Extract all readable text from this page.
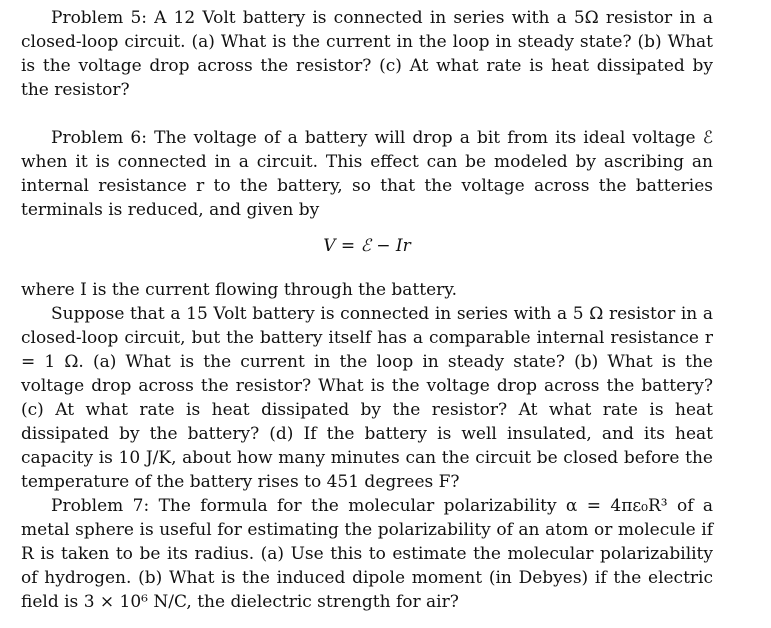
Problem 5: A 12 Volt battery is connected in series with a 5Ω resistor in a closed-loop circuit. (a) What is the current in the loop in steady state? (b) What is the voltage drop across the resistor? (c) At what rate is heat dissipated by the resistor?

Problem 6: The voltage of a battery will drop a bit from its ideal voltage ℰ when it is connected in a circuit. This effect can be modeled by ascribing an internal resistance r to the battery, so that the voltage across the batteries terminals is reduced, and given by

V = ℰ − Ir

where I is the current flowing through the battery.

Suppose that a 15 Volt battery is connected in series with a 5 Ω resistor in a closed-loop circuit, but the battery itself has a comparable internal resistance r = 1 Ω. (a) What is the current in the loop in steady state? (b) What is the voltage drop across the resistor? What is the voltage drop across the battery? (c) At what rate is heat dissipated by the resistor? At what rate is heat dissipated by the battery? (d) If the battery is well insulated, and its heat capacity is 10 J/K, about how many minutes can the circuit be closed before the temperature of the battery rises to 451 degrees F?

Problem 7: The formula for the molecular polarizability α = 4πε₀R³ of a metal sphere is useful for estimating the polarizability of an atom or molecule if R is taken to be its radius. (a) Use this to estimate the molecular polarizability of hydrogen. (b) What is the induced dipole moment (in Debyes) if the electric field is 3 × 10⁶ N/C, the dielectric strength for air?
